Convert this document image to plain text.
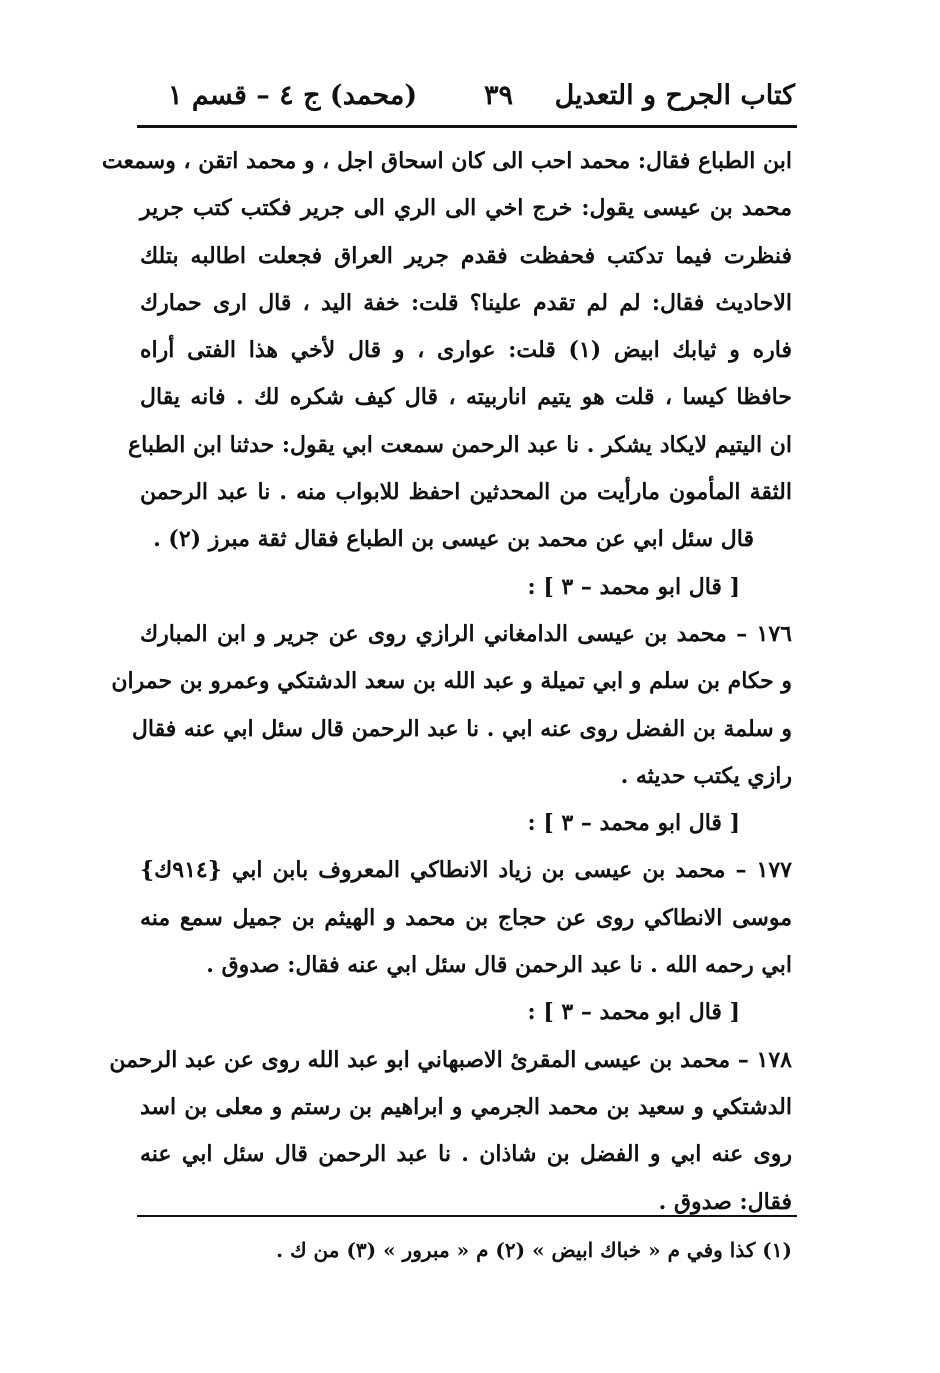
كتاب الجرح و التعديل
٣٩
(محمد) ج ٤ – قسم ١
ابن الطباع فقال: محمد احب الى كان اسحاق اجل ، و محمد اتقن ، وسمعت
محمد بن عيسى يقول: خرج اخي الى الري الى جرير فكتب كتب جرير
فنظرت فيما تدكتب فحفظت فقدم جرير العراق فجعلت اطالبه بتلك
الاحاديث فقال: لم لم تقدم علينا؟ قلت: خفة اليد ، قال ارى حمارك
فاره و ثيابك ابيض (١) قلت: عوارى ، و قال لأخي هذا الفتى أراه
حافظا كيسا ، قلت هو يتيم اناربيته ، قال كيف شكره لك . فانه يقال
ان اليتيم لايكاد يشكر . نا عبد الرحمن سمعت ابي يقول: حدثنا ابن الطباع
الثقة المأمون مارأيت من المحدثين احفظ للابواب منه . نا عبد الرحمن
قال سئل ابي عن محمد بن عيسى بن الطباع فقال ثقة مبرز (٢) .
[ قال ابو محمد – ٣ ] :
١٧٦ – محمد بن عيسى الدامغاني الرازي روى عن جرير و ابن المبارك
و حكام بن سلم و ابي تميلة و عبد الله بن سعد الدشتكي وعمرو بن حمران
و سلمة بن الفضل روى عنه ابي . نا عبد الرحمن قال سئل ابي عنه فقال
رازي يكتب حديثه .
[ قال ابو محمد – ٣ ] :
١٧٧ – محمد بن عيسى بن زياد الانطاكي المعروف بابن ابي {٩١٤ك}
موسى الانطاكي روى عن حجاج بن محمد و الهيثم بن جميل سمع منه
ابي رحمه الله . نا عبد الرحمن قال سئل ابي عنه فقال: صدوق .
[ قال ابو محمد – ٣ ] :
١٧٨ – محمد بن عيسى المقرئ الاصبهاني ابو عبد الله روى عن عبد الرحمن
الدشتكي و سعيد بن محمد الجرمي و ابراهيم بن رستم و معلى بن اسد
روى عنه ابي و الفضل بن شاذان . نا عبد الرحمن قال سئل ابي عنه
فقال: صدوق .
(١) كذا وفي م « خباك ابيض » (٢) م « مبرور » (٣) من ك .
